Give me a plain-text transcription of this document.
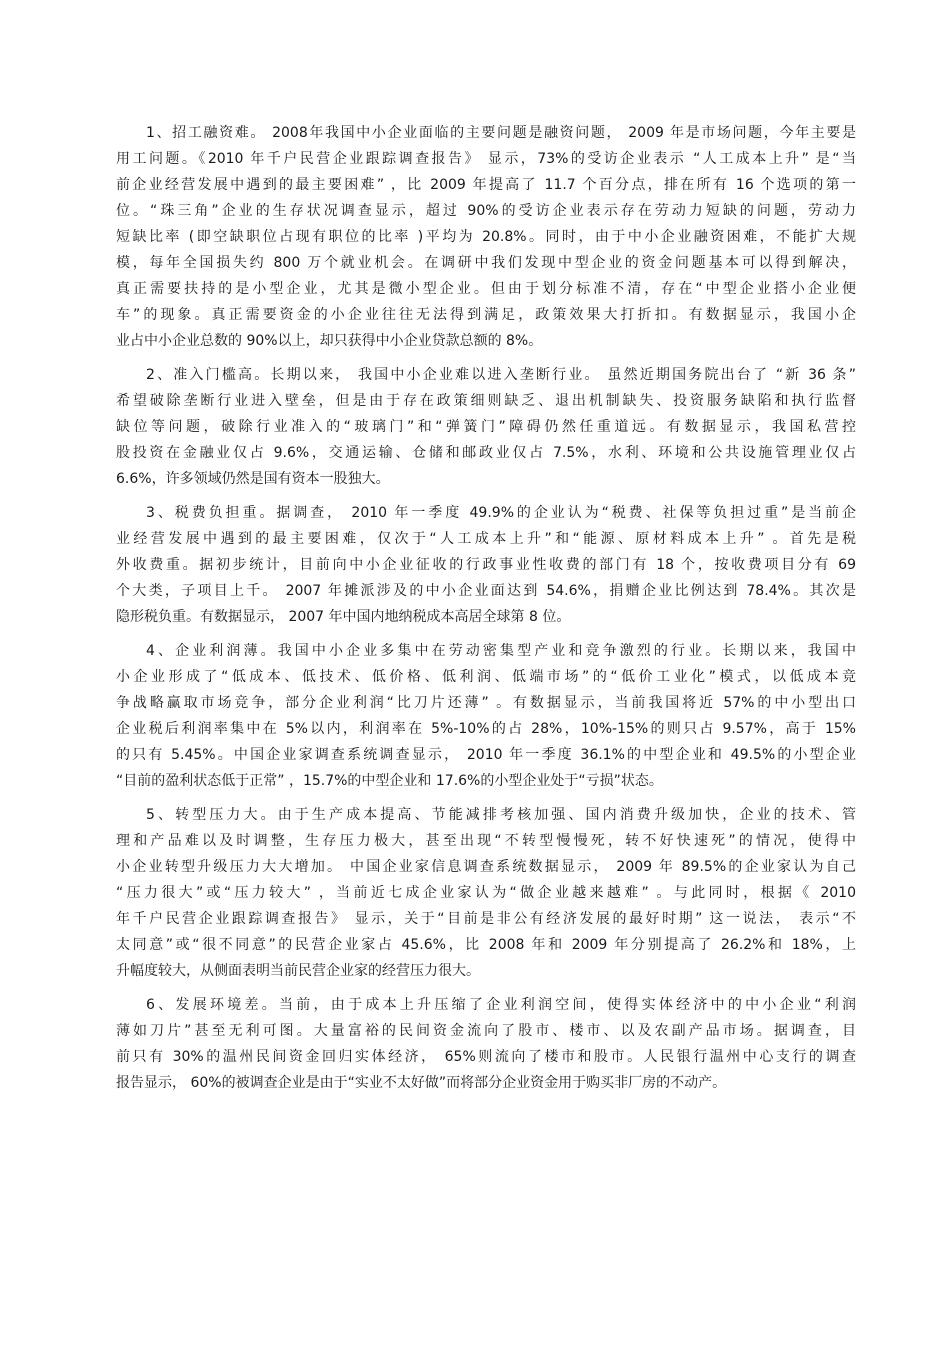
1、招工融资难。 2008年我国中小企业面临的主要问题是融资问题， 2009 年是市场问题，今年主要是
用工问题。《2010 年千户民营企业跟踪调查报告》 显示，73%的受访企业表示 “人工成本上升” 是“当
前企业经营发展中遇到的最主要困难” ，比 2009 年提高了 11.7 个百分点，排在所有 16 个选项的第一
位。“珠三角”企业的生存状况调查显示，超过 90%的受访企业表示存在劳动力短缺的问题，劳动力
短缺比率 (即空缺职位占现有职位的比率 )平均为 20.8%。同时，由于中小企业融资困难，不能扩大规
模，每年全国损失约 800 万个就业机会。在调研中我们发现中型企业的资金问题基本可以得到解决，
真正需要扶持的是小型企业，尤其是微小型企业。但由于划分标准不清，存在“中型企业搭小企业便
车”的现象。真正需要资金的小企业往往无法得到满足，政策效果大打折扣。有数据显示，我国小企
业占中小企业总数的 90%以上，却只获得中小企业贷款总额的 8%。
2、准入门槛高。长期以来， 我国中小企业难以进入垄断行业。 虽然近期国务院出台了 “新 36 条”
希望破除垄断行业进入壁垒，但是由于存在政策细则缺乏、退出机制缺失、投资服务缺陷和执行监督
缺位等问题，破除行业准入的“玻璃门”和“弹簧门”障碍仍然任重道远。有数据显示，我国私营控
股投资在金融业仅占 9.6%，交通运输、仓储和邮政业仅占 7.5%，水利、环境和公共设施管理业仅占
6.6%，许多领域仍然是国有资本一股独大。
3、税费负担重。据调查， 2010 年一季度 49.9%的企业认为“税费、社保等负担过重”是当前企
业经营发展中遇到的最主要困难，仅次于“人工成本上升”和“能源、原材料成本上升” 。首先是税
外收费重。据初步统计，目前向中小企业征收的行政事业性收费的部门有 18 个，按收费项目分有 69
个大类，子项目上千。 2007 年摊派涉及的中小企业面达到 54.6%，捐赠企业比例达到 78.4%。其次是
隐形税负重。有数据显示， 2007 年中国内地纳税成本高居全球第 8 位。
4、企业利润薄。我国中小企业多集中在劳动密集型产业和竞争激烈的行业。长期以来，我国中
小企业形成了“低成本、低技术、低价格、低利润、低端市场”的“低价工业化”模式，以低成本竞
争战略赢取市场竞争，部分企业利润“比刀片还薄” 。有数据显示，当前我国将近 57%的中小型出口
企业税后利润率集中在 5%以内，利润率在 5%-10%的占 28%，10%-15%的则只占 9.57%，高于 15%
的只有 5.45%。中国企业家调查系统调查显示， 2010 年一季度 36.1%的中型企业和 49.5%的小型企业
“目前的盈利状态低于正常” ，15.7%的中型企业和 17.6%的小型企业处于“亏损”状态。
5、转型压力大。由于生产成本提高、节能减排考核加强、国内消费升级加快，企业的技术、管
理和产品难以及时调整，生存压力极大，甚至出现“不转型慢慢死，转不好快速死”的情况，使得中
小企业转型升级压力大大增加。 中国企业家信息调查系统数据显示， 2009 年 89.5%的企业家认为自己
“压力很大”或“压力较大” ，当前近七成企业家认为“做企业越来越难” 。与此同时，根据《 2010
年千户民营企业跟踪调查报告》 显示，关于“目前是非公有经济发展的最好时期” 这一说法， 表示“不
太同意”或“很不同意”的民营企业家占 45.6%，比 2008 年和 2009 年分别提高了 26.2%和 18%，上
升幅度较大，从侧面表明当前民营企业家的经营压力很大。
6、发展环境差。当前，由于成本上升压缩了企业利润空间，使得实体经济中的中小企业“利润
薄如刀片”甚至无利可图。大量富裕的民间资金流向了股市、楼市、以及农副产品市场。据调查，目
前只有 30%的温州民间资金回归实体经济， 65%则流向了楼市和股市。人民银行温州中心支行的调查
报告显示， 60%的被调查企业是由于“实业不太好做”而将部分企业资金用于购买非厂房的不动产。
